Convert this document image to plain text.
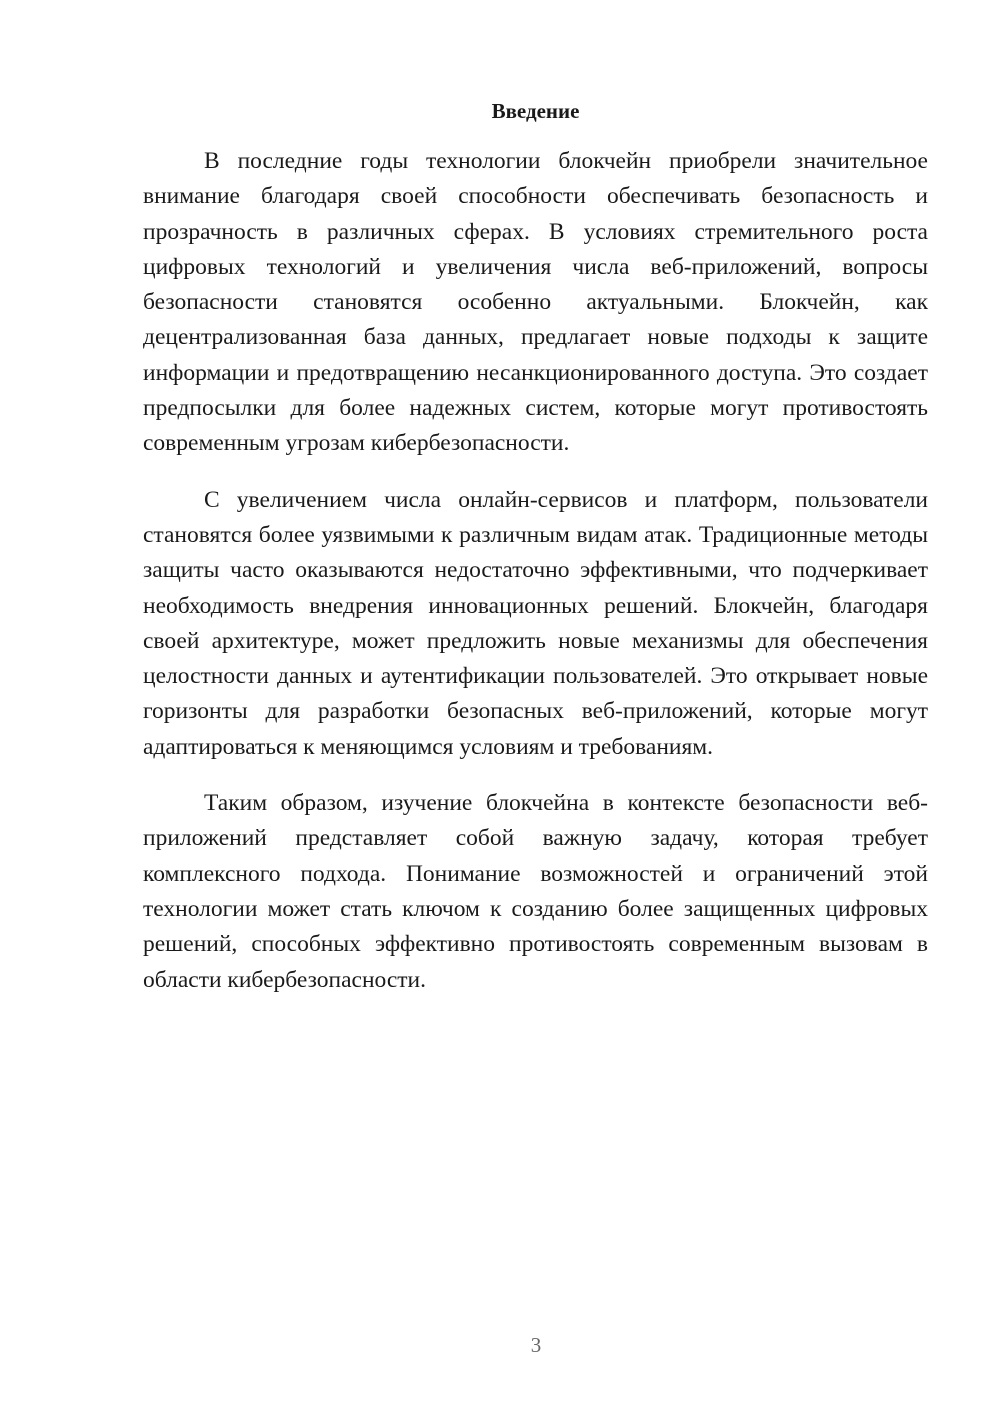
Введение

В последние годы технологии блокчейн приобрели значительное внимание благодаря своей способности обеспечивать безопасность и прозрачность в различных сферах. В условиях стремительного роста цифровых технологий и увеличения числа веб-приложений, вопросы безопасности становятся особенно актуальными. Блокчейн, как децентрализованная база данных, предлагает новые подходы к защите информации и предотвращению несанкционированного доступа. Это создает предпосылки для более надежных систем, которые могут противостоять современным угрозам кибербезопасности.

С увеличением числа онлайн-сервисов и платформ, пользователи становятся более уязвимыми к различным видам атак. Традиционные методы защиты часто оказываются недостаточно эффективными, что подчеркивает необходимость внедрения инновационных решений. Блокчейн, благодаря своей архитектуре, может предложить новые механизмы для обеспечения целостности данных и аутентификации пользователей. Это открывает новые горизонты для разработки безопасных веб-приложений, которые могут адаптироваться к меняющимся условиям и требованиям.

Таким образом, изучение блокчейна в контексте безопасности веб-приложений представляет собой важную задачу, которая требует комплексного подхода. Понимание возможностей и ограничений этой технологии может стать ключом к созданию более защищенных цифровых решений, способных эффективно противостоять современным вызовам в области кибербезопасности.

3
